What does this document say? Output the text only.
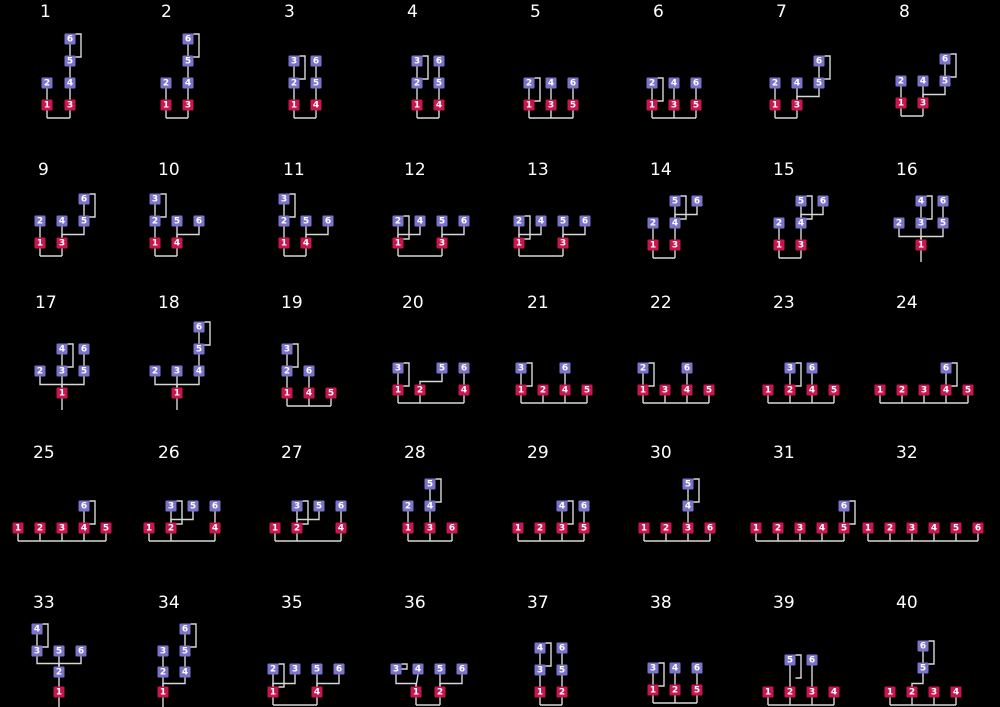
1
1 3
2 4
5
6
2
1 3
2 4
5
6
3
1 4
2
3
5
6
4
1 4
2
3
5
6
5
1 3 5
2 4 6
6
1 3 5
2 4 6
7
1 3
2 4 5
6
8
1 3
2 4 5
6
9
1 3
2 4 5
6
10
1 4
2
3
5 6
11
1 4
2
3
5 6
12
1	3
2 4 5 6
13
1	3
2 4 5 6
14
1 3
2 4
5 6
15
1 3
2 4
5 6
16
1
2 3
4
5
6
17
1
2 3
4
5
6
18
1
2 3 4
5
6
19
1 4 5
2
3
6
20
1 2	4
3	5 6
21
1 2 4 5
3	6
22
1 3 4 5
2	6
23
1 2 4 5
3 6
24
1 2 3 4 5
6
25
1 2 3 4 5
6
26
1 2	4
3 5 6
27
1 2	4
3 5 6
28
1 3 6
2 4
5
29
1 2 3 5
4 6
30
1 2 3 6
4
5
31
1 2 3 4 5
6
32
1 2 3 4 5 6
33
1
2
3
4
5 6
34
1
2
3
4
5
6
35
1	4
2 3 5 6
36
1 2
3 4 5 6
37
1 2
3
4
5
6
38
1 2 5
3 4 6
39
1 2 3 4
5 6
40
1 2 3 4
5
6
